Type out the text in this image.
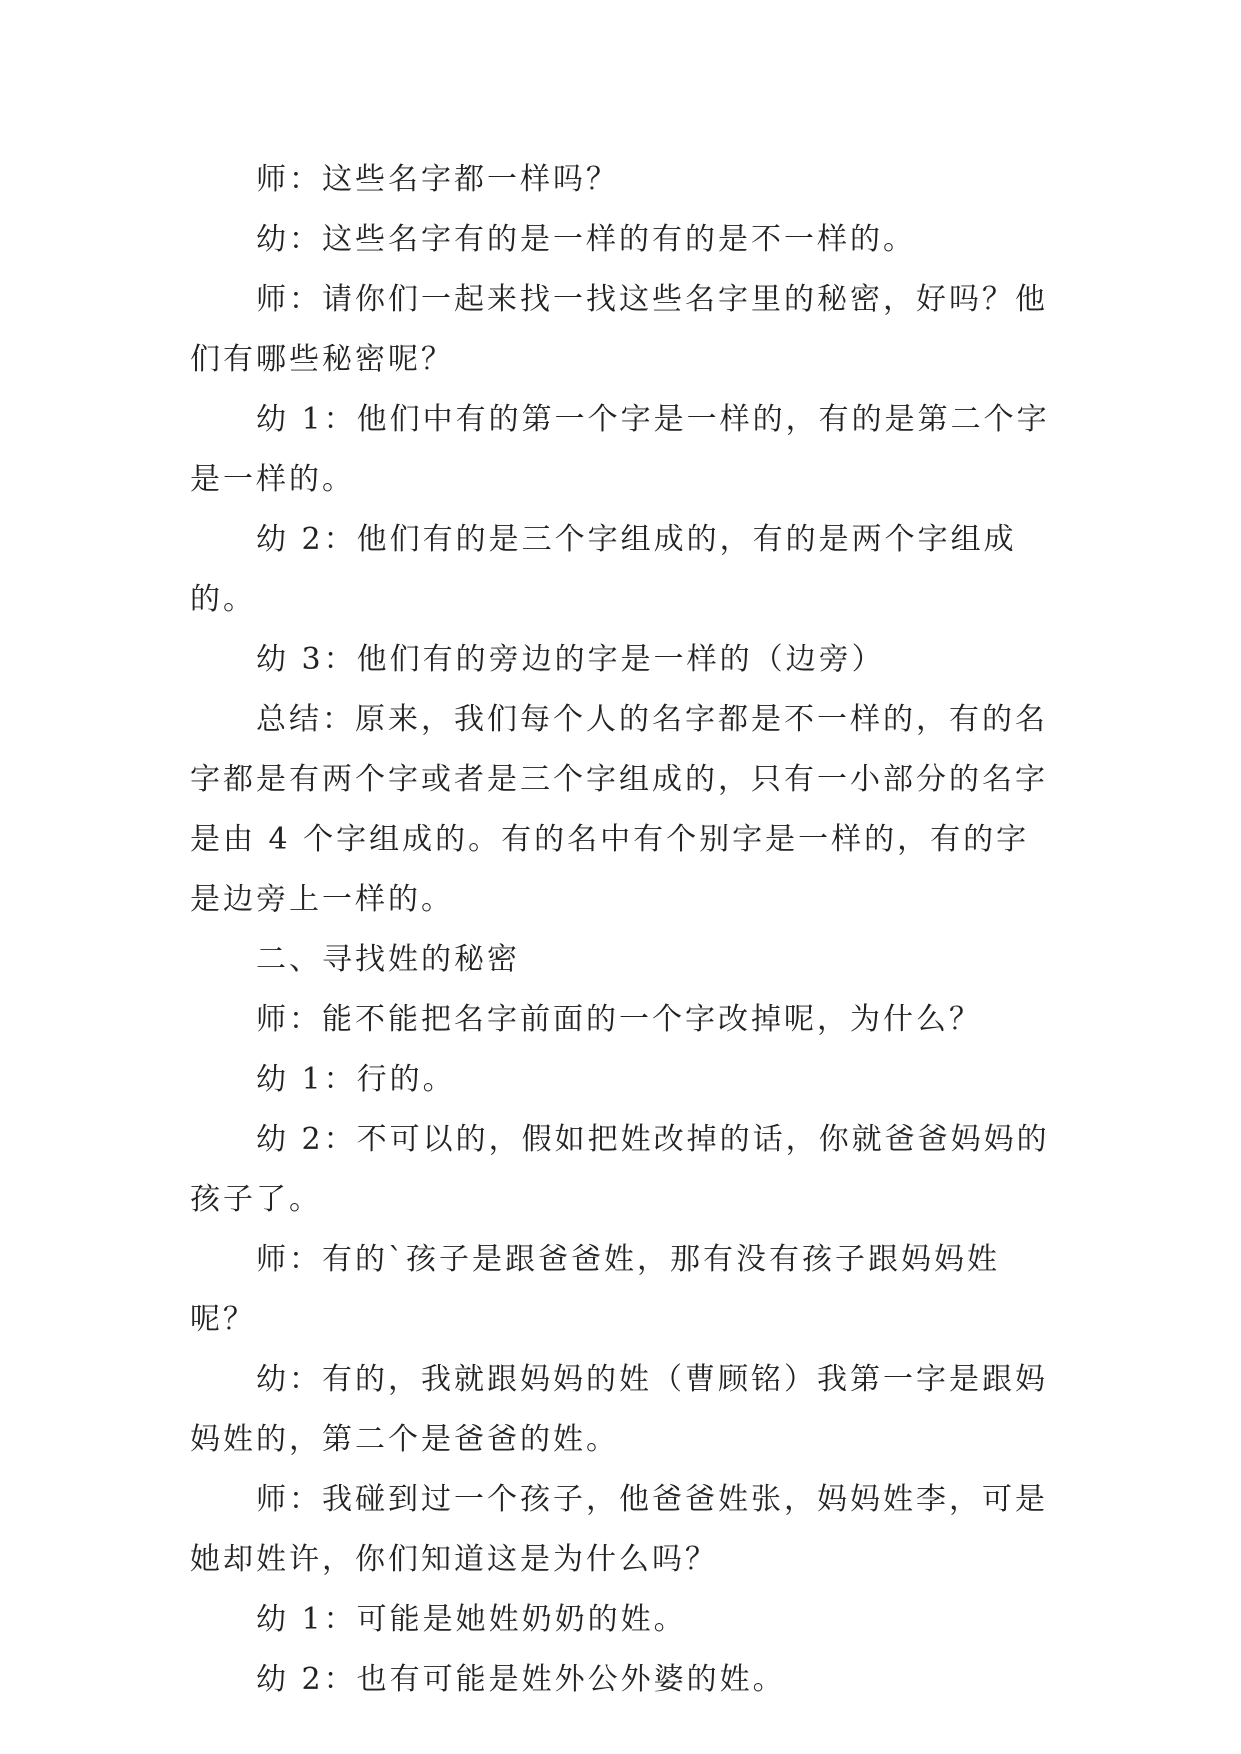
师：这些名字都一样吗？

幼：这些名字有的是一样的有的是不一样的。

师：请你们一起来找一找这些名字里的秘密，好吗？他们有哪些秘密呢？

幼 1：他们中有的第一个字是一样的，有的是第二个字是一样的。

幼 2：他们有的是三个字组成的，有的是两个字组成的。

幼 3：他们有的旁边的字是一样的（边旁）

总结：原来，我们每个人的名字都是不一样的，有的名字都是有两个字或者是三个字组成的，只有一小部分的名字是由 4 个字组成的。有的名中有个别字是一样的，有的字是边旁上一样的。

二、寻找姓的秘密

师：能不能把名字前面的一个字改掉呢，为什么？

幼 1：行的。

幼 2：不可以的，假如把姓改掉的话，你就爸爸妈妈的孩子了。

师：有的`孩子是跟爸爸姓，那有没有孩子跟妈妈姓呢？

幼：有的，我就跟妈妈的姓（曹顾铭）我第一字是跟妈妈姓的，第二个是爸爸的姓。

师：我碰到过一个孩子，他爸爸姓张，妈妈姓李，可是她却姓许，你们知道这是为什么吗？

幼 1：可能是她姓奶奶的姓。

幼 2：也有可能是姓外公外婆的姓。
